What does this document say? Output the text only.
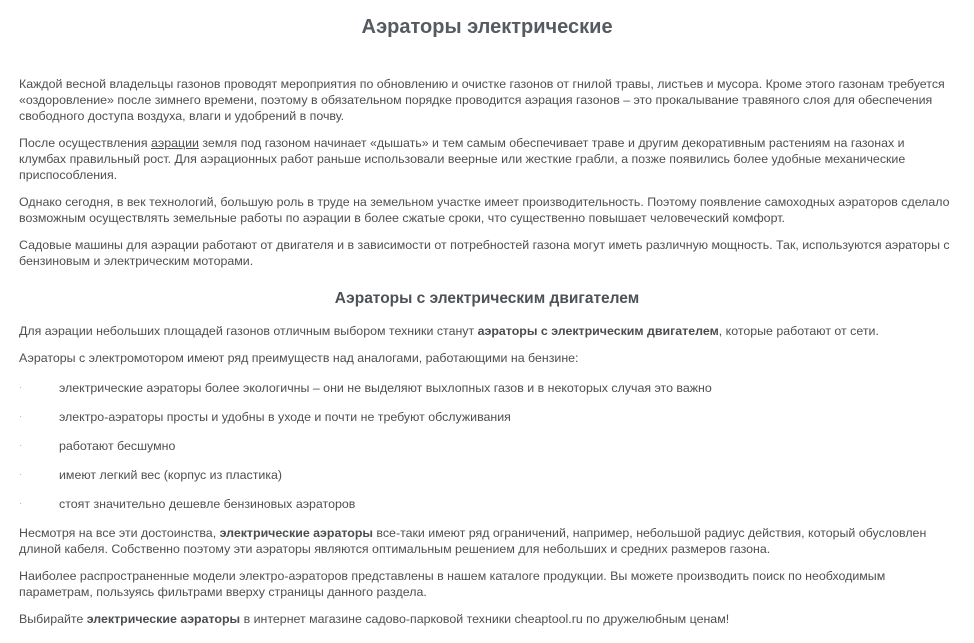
Аэраторы электрические

Каждой весной владельцы газонов проводят мероприятия по обновлению и очистке газонов от гнилой травы, листьев и мусора. Кроме этого газонам требуется «оздоровление» после зимнего времени, поэтому в обязательном порядке проводится аэрация газонов – это прокалывание травяного слоя для обеспечения свободного доступа воздуха, влаги и удобрений в почву.

После осуществления аэрации земля под газоном начинает «дышать» и тем самым обеспечивает траве и другим декоративным растениям на газонах и клумбах правильный рост. Для аэрационных работ раньше использовали веерные или жесткие грабли, а позже появились более удобные механические приспособления.

Однако сегодня, в век технологий, большую роль в труде на земельном участке имеет производительность. Поэтому появление самоходных аэраторов сделало возможным осуществлять земельные работы по аэрации в более сжатые сроки, что существенно повышает человеческий комфорт.

Садовые машины для аэрации работают от двигателя и в зависимости от потребностей газона могут иметь различную мощность. Так, используются аэраторы с бензиновым и электрическим моторами.

Аэраторы с электрическим двигателем

Для аэрации небольших площадей газонов отличным выбором техники станут аэраторы с электрическим двигателем, которые работают от сети.

Аэраторы с электромотором имеют ряд преимуществ над аналогами, работающими на бензине:

·	электрические аэраторы более экологичны – они не выделяют выхлопных газов и в некоторых случая это важно
·	электро-аэраторы просты и удобны в уходе и почти не требуют обслуживания
·	работают бесшумно
·	имеют легкий вес (корпус из пластика)
·	стоят значительно дешевле бензиновых аэраторов

Несмотря на все эти достоинства, электрические аэраторы все-таки имеют ряд ограничений, например, небольшой радиус действия, который обусловлен длиной кабеля. Собственно поэтому эти аэраторы являются оптимальным решением для небольших и средних размеров газона.

Наиболее распространенные модели электро-аэраторов представлены в нашем каталоге продукции. Вы можете производить поиск по необходимым параметрам, пользуясь фильтрами вверху страницы данного раздела.

Выбирайте электрические аэраторы в интернет магазине садово-парковой техники cheaptool.ru по дружелюбным ценам!
